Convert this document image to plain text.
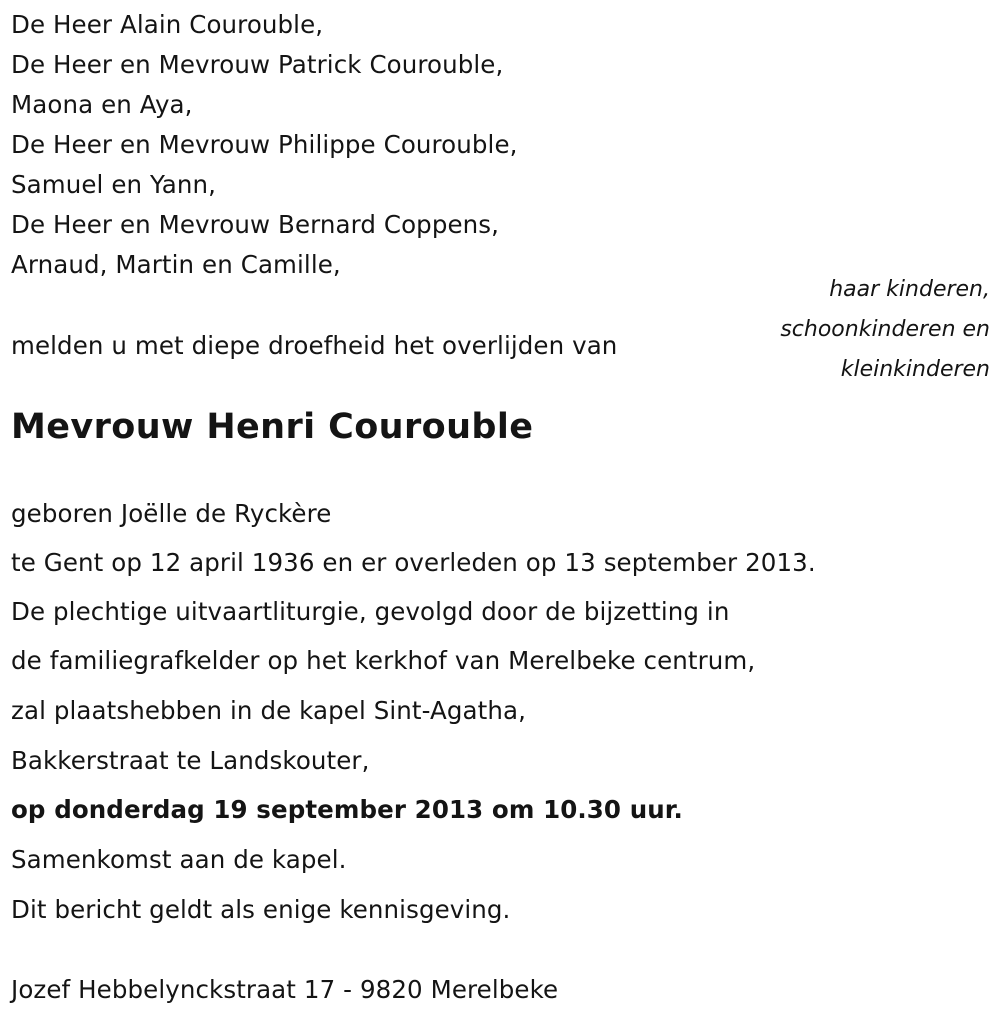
De Heer Alain Courouble,
De Heer en Mevrouw Patrick Courouble,
Maona en Aya,
De Heer en Mevrouw Philippe Courouble,
Samuel en Yann,
De Heer en Mevrouw Bernard Coppens,
Arnaud, Martin en Camille,
haar kinderen,
schoonkinderen en
kleinkinderen
melden u met diepe droefheid het overlijden van
Mevrouw Henri Courouble
geboren Joëlle de Ryckère
te Gent op 12 april 1936 en er overleden op 13 september 2013.
De plechtige uitvaartliturgie, gevolgd door de bijzetting in
de familiegrafkelder op het kerkhof van Merelbeke centrum,
zal plaatshebben in de kapel Sint-Agatha,
Bakkerstraat te Landskouter,
op donderdag 19 september 2013 om 10.30 uur.
Samenkomst aan de kapel.
Dit bericht geldt als enige kennisgeving.
Jozef Hebbelynckstraat 17 - 9820 Merelbeke
